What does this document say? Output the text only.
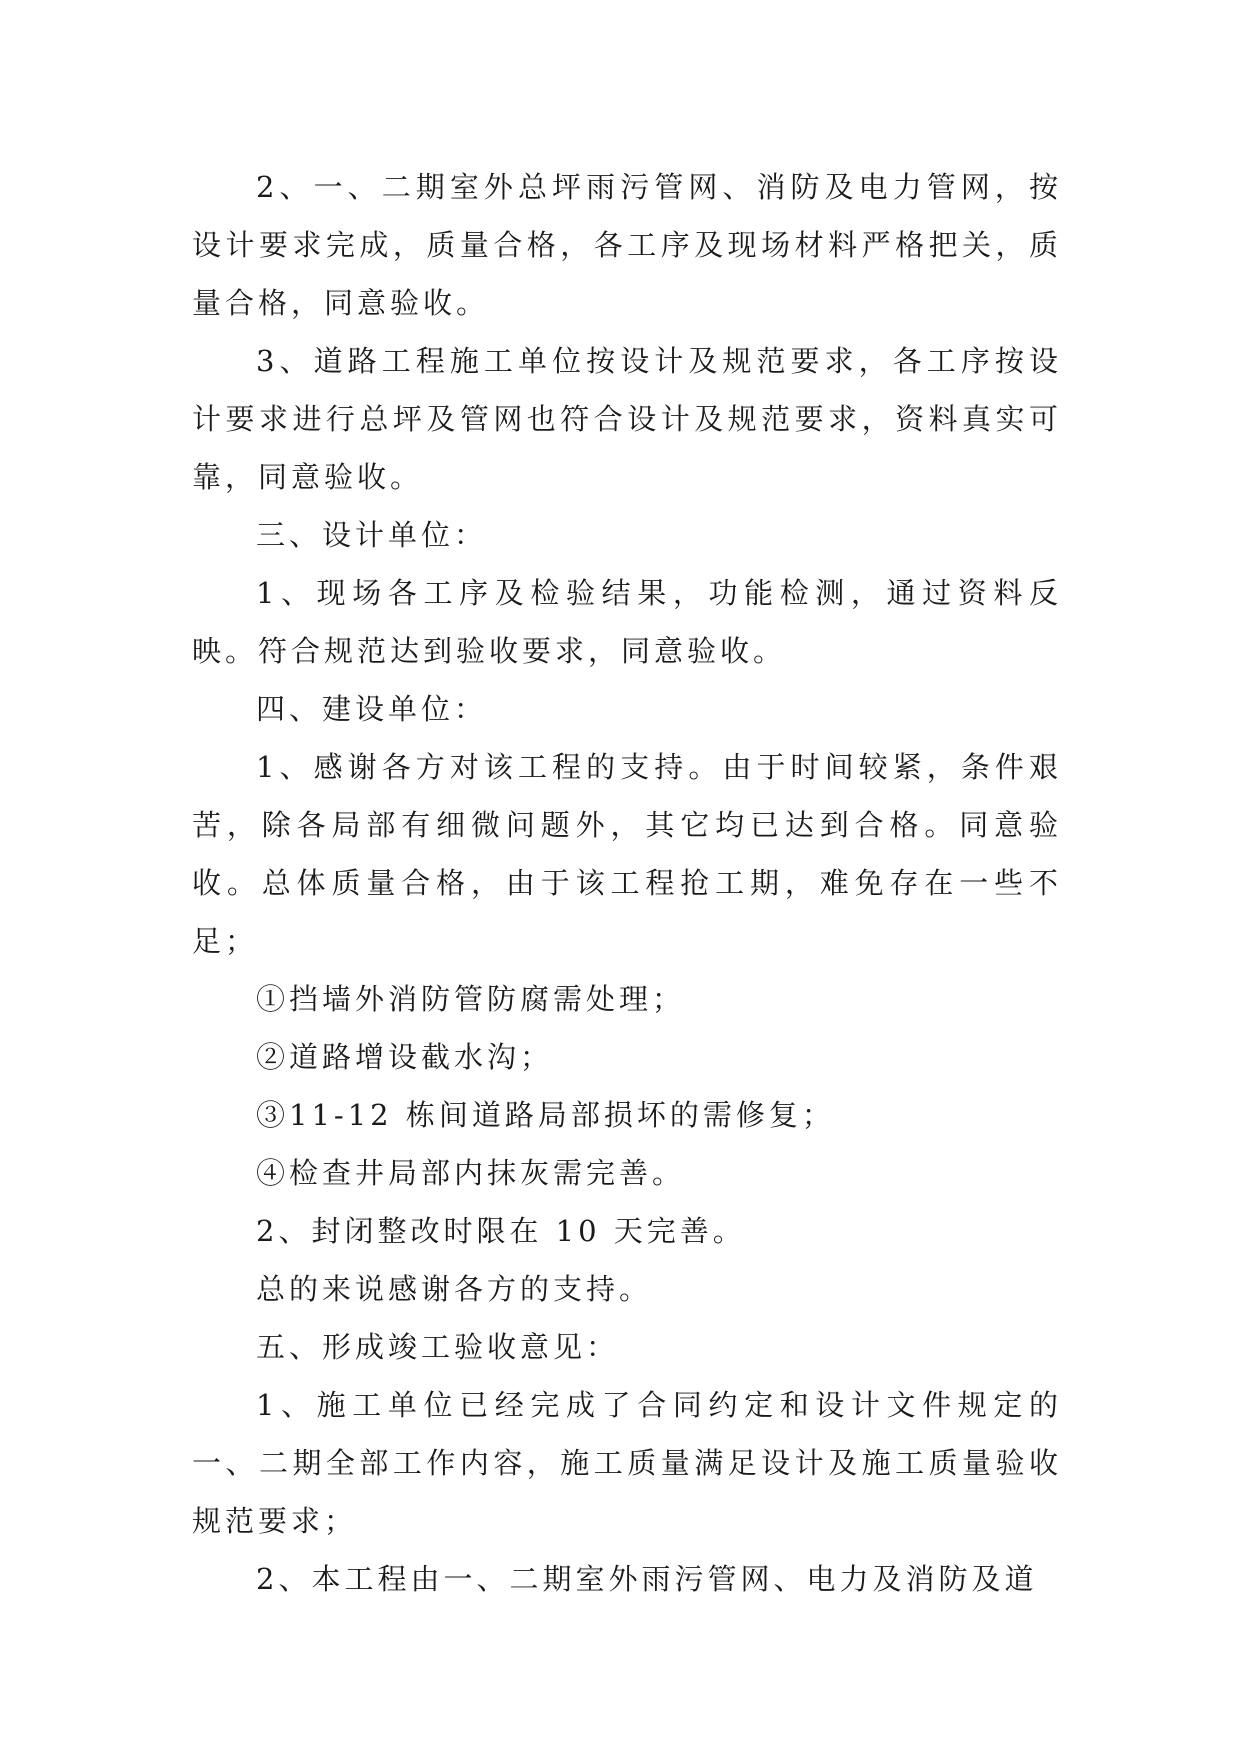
2、一、二期室外总坪雨污管网、消防及电力管网，按设计要求完成，质量合格，各工序及现场材料严格把关，质量合格，同意验收。

3、道路工程施工单位按设计及规范要求，各工序按设计要求进行总坪及管网也符合设计及规范要求，资料真实可靠，同意验收。

三、设计单位：

1、现场各工序及检验结果，功能检测，通过资料反映。符合规范达到验收要求，同意验收。

四、建设单位：

1、感谢各方对该工程的支持。由于时间较紧，条件艰苦，除各局部有细微问题外，其它均已达到合格。同意验收。总体质量合格，由于该工程抢工期，难免存在一些不足；

①挡墙外消防管防腐需处理；

②道路增设截水沟；

③11-12 栋间道路局部损坏的需修复；

④检查井局部内抹灰需完善。

2、封闭整改时限在 10 天完善。

总的来说感谢各方的支持。

五、形成竣工验收意见：

1、施工单位已经完成了合同约定和设计文件规定的一、二期全部工作内容，施工质量满足设计及施工质量验收规范要求；

2、本工程由一、二期室外雨污管网、电力及消防及道
